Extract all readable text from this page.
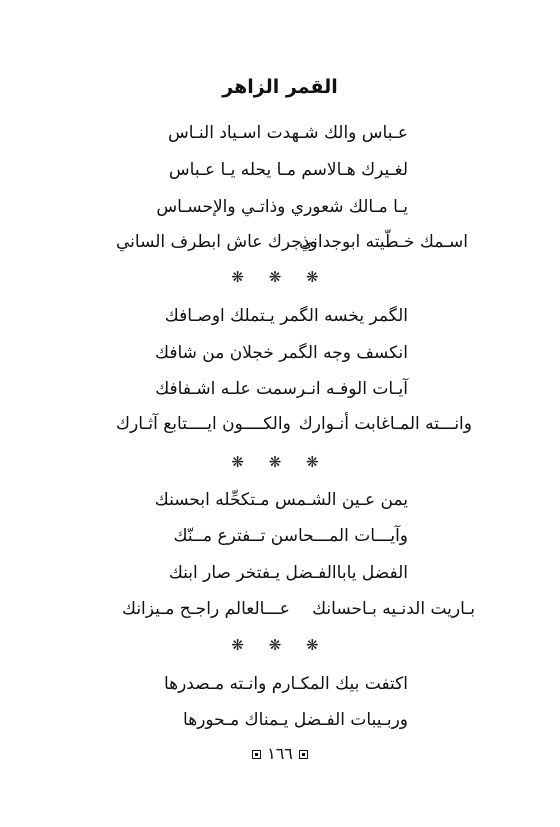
القمر الزاهر
عـباس والك شـهدت اسـياد النـاس
لغـيرك هـالاسم مـا يحله يـا عـباس
يـا مـالك شعوري وذاتـي والإحسـاس
اسـمك خـطّيته ابوجداني
وذجرك عاش ابطرف الساني
❋ ❋ ❋
الگمر يخسه الگمر يـتملك اوصـافك
انكسف وجه الگمر خجلان من شافك
آيـات الوفـه انـرسمت علـه اشـفافك
وانـــته المـاغابت أنـوارك
والكــــون ايــــتابع آثـارك
❋ ❋ ❋
يمن عـين الشـمس مـتكحِّله ابحسنك
وآيـــات المـــحاسن تــفترع مــنّك
الفضل ياباالفـضل يـفتخر صار ابنك
بـاريت الدنـيه بـاحسانك
عـــالعالم راجـح مـيزانك
❋ ❋ ❋
اكتفت بيك المكـارم وانـته مـصدرها
وربـيبات الفـضل يـمناك مـحورها
١٦٦
